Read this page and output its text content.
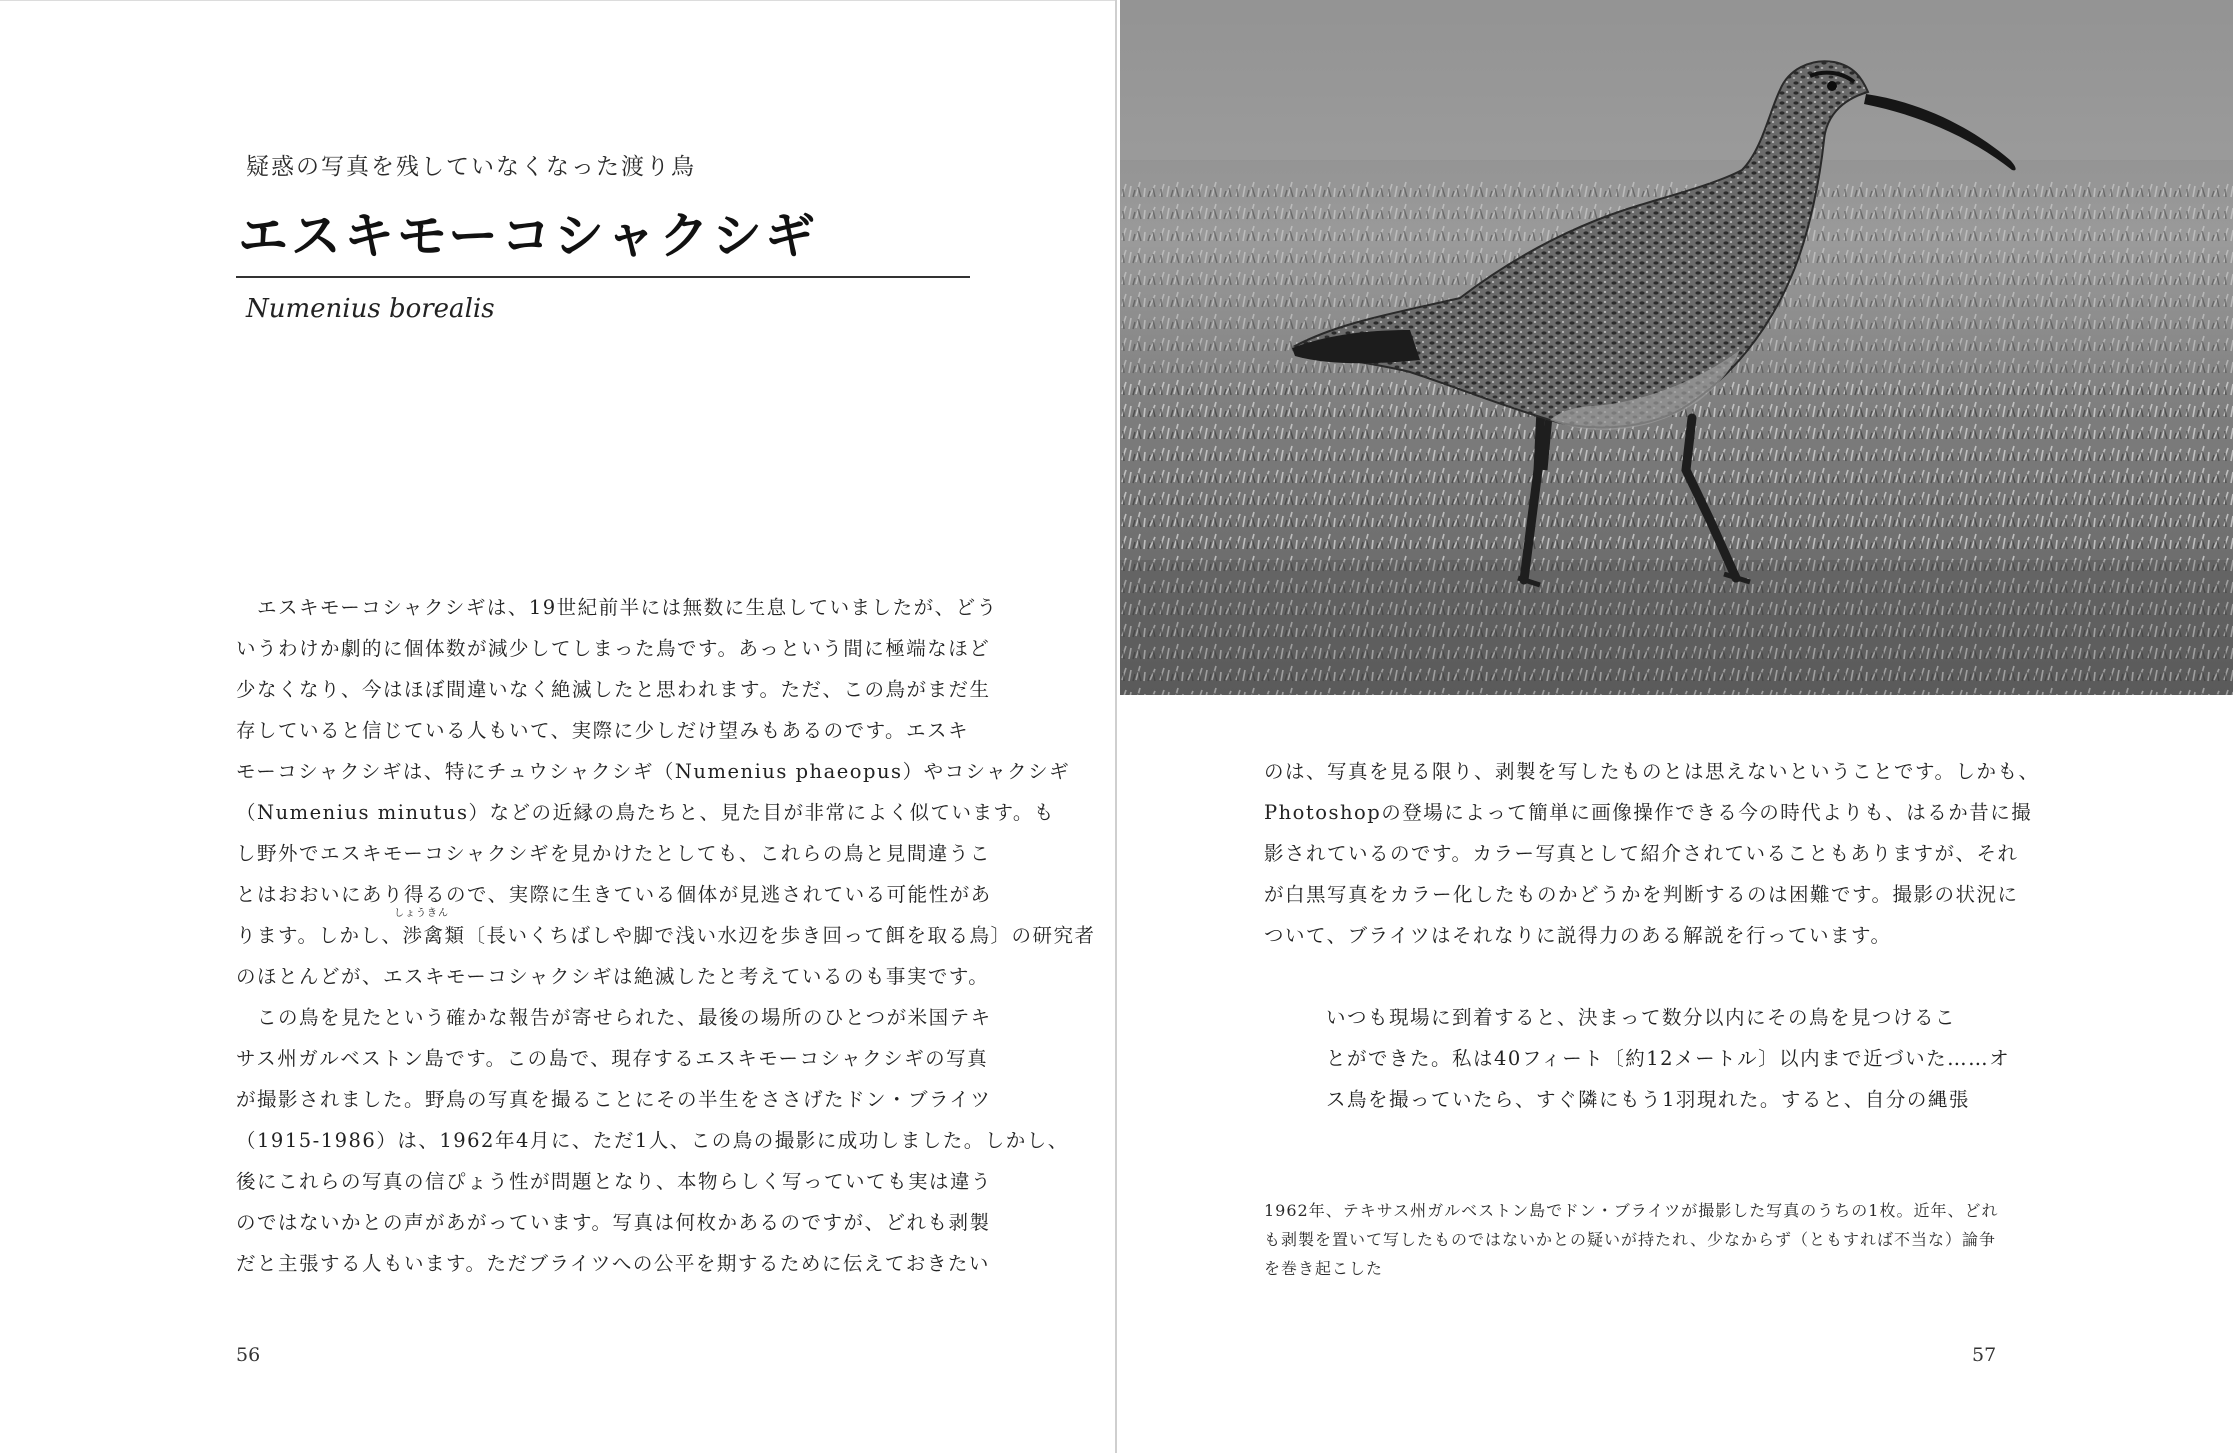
疑惑の写真を残していなくなった渡り鳥
エスキモーコシャクシギ
Numenius borealis
　エスキモーコシャクシギは、19世紀前半には無数に生息していましたが、どう
いうわけか劇的に個体数が減少してしまった鳥です。あっという間に極端なほど
少なくなり、今はほぼ間違いなく絶滅したと思われます。ただ、この鳥がまだ生
存していると信じている人もいて、実際に少しだけ望みもあるのです。エスキ
モーコシャクシギは、特にチュウシャクシギ（Numenius phaeopus）やコシャクシギ
（Numenius minutus）などの近縁の鳥たちと、見た目が非常によく似ています。も
し野外でエスキモーコシャクシギを見かけたとしても、これらの鳥と見間違うこ
とはおおいにあり得るので、実際に生きている個体が見逃されている可能性があ
しょうきん
ります。しかし、渉禽類〔長いくちばしや脚で浅い水辺を歩き回って餌を取る鳥〕の研究者
のほとんどが、エスキモーコシャクシギは絶滅したと考えているのも事実です。
　この鳥を見たという確かな報告が寄せられた、最後の場所のひとつが米国テキ
サス州ガルベストン島です。この島で、現存するエスキモーコシャクシギの写真
が撮影されました。野鳥の写真を撮ることにその半生をささげたドン・ブライツ
（1915-1986）は、1962年4月に、ただ1人、この鳥の撮影に成功しました。しかし、
後にこれらの写真の信ぴょう性が問題となり、本物らしく写っていても実は違う
のではないかとの声があがっています。写真は何枚かあるのですが、どれも剥製
だと主張する人もいます。ただブライツへの公平を期するために伝えておきたい
56
のは、写真を見る限り、剥製を写したものとは思えないということです。しかも、
Photoshopの登場によって簡単に画像操作できる今の時代よりも、はるか昔に撮
影されているのです。カラー写真として紹介されていることもありますが、それ
が白黒写真をカラー化したものかどうかを判断するのは困難です。撮影の状況に
ついて、ブライツはそれなりに説得力のある解説を行っています。
いつも現場に到着すると、決まって数分以内にその鳥を見つけるこ
とができた。私は40フィート〔約12メートル〕以内まで近づいた……オ
ス鳥を撮っていたら、すぐ隣にもう1羽現れた。すると、自分の縄張
1962年、テキサス州ガルベストン島でドン・ブライツが撮影した写真のうちの1枚。近年、どれ
も剥製を置いて写したものではないかとの疑いが持たれ、少なからず（ともすれば不当な）論争
を巻き起こした
57
